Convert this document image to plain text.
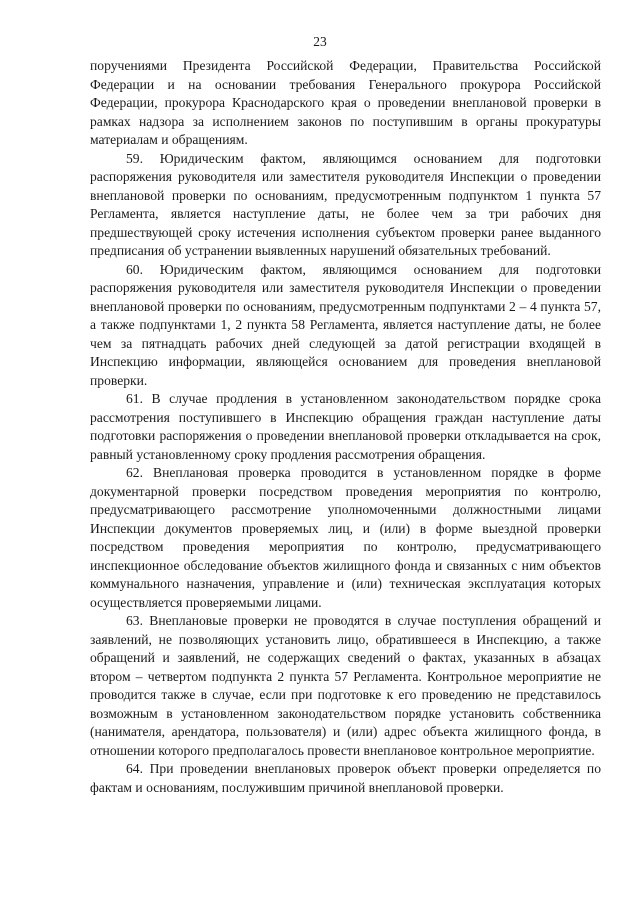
23

поручениями Президента Российской Федерации, Правительства Российской Федерации и на основании требования Генерального прокурора Российской Федерации, прокурора Краснодарского края о проведении внеплановой проверки в рамках надзора за исполнением законов по поступившим в органы прокуратуры материалам и обращениям.

59. Юридическим фактом, являющимся основанием для подготовки распоряжения руководителя или заместителя руководителя Инспекции о проведении внеплановой проверки по основаниям, предусмотренным подпунктом 1 пункта 57 Регламента, является наступление даты, не более чем за три рабочих дня предшествующей сроку истечения исполнения субъектом проверки ранее выданного предписания об устранении выявленных нарушений обязательных требований.

60. Юридическим фактом, являющимся основанием для подготовки распоряжения руководителя или заместителя руководителя Инспекции о проведении внеплановой проверки по основаниям, предусмотренным подпунктами 2 – 4 пункта 57, а также подпунктами 1, 2 пункта 58 Регламента, является наступление даты, не более чем за пятнадцать рабочих дней следующей за датой регистрации входящей в Инспекцию информации, являющейся основанием для проведения внеплановой проверки.

61. В случае продления в установленном законодательством порядке срока рассмотрения поступившего в Инспекцию обращения граждан наступление даты подготовки распоряжения о проведении внеплановой проверки откладывается на срок, равный установленному сроку продления рассмотрения обращения.

62. Внеплановая проверка проводится в установленном порядке в форме документарной проверки посредством проведения мероприятия по контролю, предусматривающего рассмотрение уполномоченными должностными лицами Инспекции документов проверяемых лиц, и (или) в форме выездной проверки посредством проведения мероприятия по контролю, предусматривающего инспекционное обследование объектов жилищного фонда и связанных с ним объектов коммунального назначения, управление и (или) техническая эксплуатация которых осуществляется проверяемыми лицами.

63. Внеплановые проверки не проводятся в случае поступления обращений и заявлений, не позволяющих установить лицо, обратившееся в Инспекцию, а также обращений и заявлений, не содержащих сведений о фактах, указанных в абзацах втором – четвертом подпункта 2 пункта 57 Регламента. Контрольное мероприятие не проводится также в случае, если при подготовке к его проведению не представилось возможным в установленном законодательством порядке установить собственника (нанимателя, арендатора, пользователя) и (или) адрес объекта жилищного фонда, в отношении которого предполагалось провести внеплановое контрольное мероприятие.

64. При проведении внеплановых проверок объект проверки определяется по фактам и основаниям, послужившим причиной внеплановой проверки.
